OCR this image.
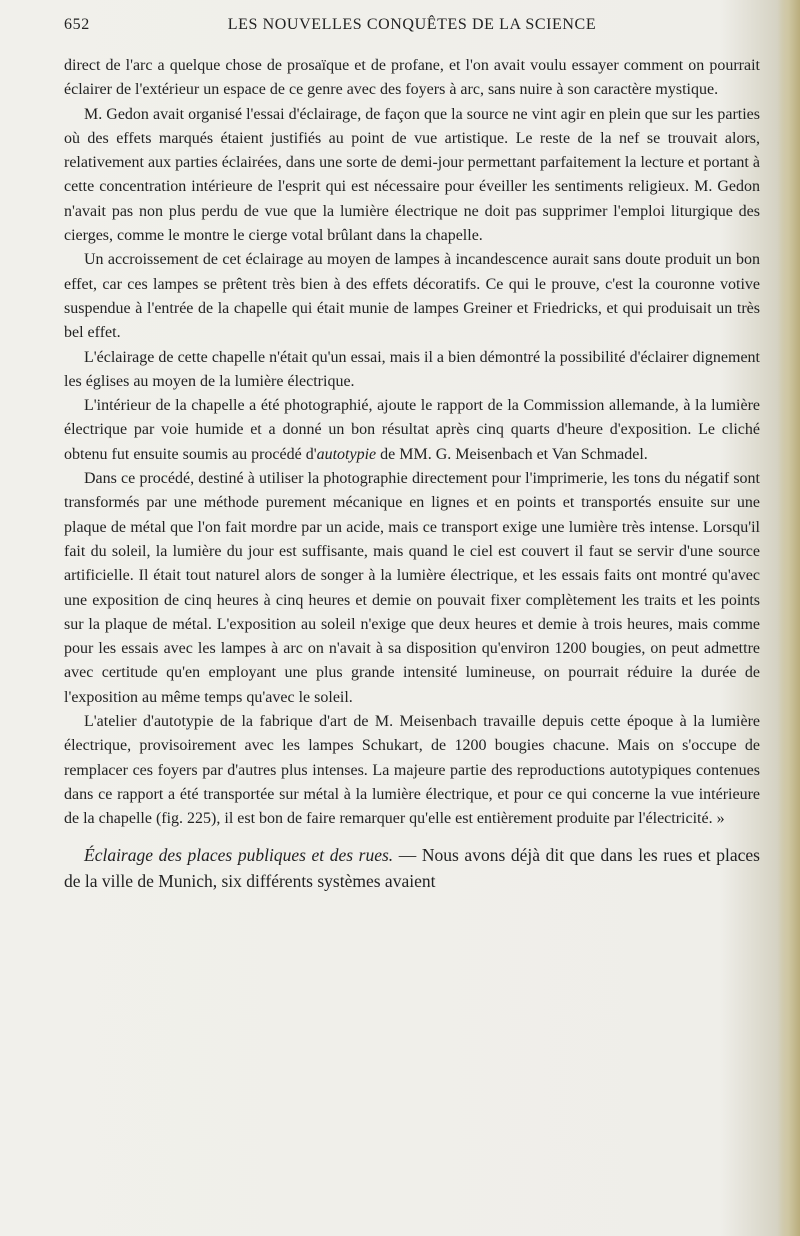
652	LES NOUVELLES CONQUÊTES DE LA SCIENCE

direct de l'arc a quelque chose de prosaïque et de profane, et l'on avait voulu essayer comment on pourrait éclairer de l'extérieur un espace de ce genre avec des foyers à arc, sans nuire à son caractère mystique.

M. Gedon avait organisé l'essai d'éclairage, de façon que la source ne vint agir en plein que sur les parties où des effets marqués étaient justifiés au point de vue artistique. Le reste de la nef se trouvait alors, relativement aux parties éclairées, dans une sorte de demi-jour permettant parfaitement la lecture et portant à cette concentration intérieure de l'esprit qui est nécessaire pour éveiller les sentiments religieux. M. Gedon n'avait pas non plus perdu de vue que la lumière électrique ne doit pas supprimer l'emploi liturgique des cierges, comme le montre le cierge votal brûlant dans la chapelle.

Un accroissement de cet éclairage au moyen de lampes à incandescence aurait sans doute produit un bon effet, car ces lampes se prêtent très bien à des effets décoratifs. Ce qui le prouve, c'est la couronne votive suspendue à l'entrée de la chapelle qui était munie de lampes Greiner et Friedricks, et qui produisait un très bel effet.

L'éclairage de cette chapelle n'était qu'un essai, mais il a bien démontré la possibilité d'éclairer dignement les églises au moyen de la lumière électrique.

L'intérieur de la chapelle a été photographié, ajoute le rapport de la Commission allemande, à la lumière électrique par voie humide et a donné un bon résultat après cinq quarts d'heure d'exposition. Le cliché obtenu fut ensuite soumis au procédé d'autotypie de MM. G. Meisenbach et Van Schmadel.

Dans ce procédé, destiné à utiliser la photographie directement pour l'imprimerie, les tons du négatif sont transformés par une méthode purement mécanique en lignes et en points et transportés ensuite sur une plaque de métal que l'on fait mordre par un acide, mais ce transport exige une lumière très intense. Lorsqu'il fait du soleil, la lumière du jour est suffisante, mais quand le ciel est couvert il faut se servir d'une source artificielle. Il était tout naturel alors de songer à la lumière électrique, et les essais faits ont montré qu'avec une exposition de cinq heures à cinq heures et demie on pouvait fixer complètement les traits et les points sur la plaque de métal. L'exposition au soleil n'exige que deux heures et demie à trois heures, mais comme pour les essais avec les lampes à arc on n'avait à sa disposition qu'environ 1200 bougies, on peut admettre avec certitude qu'en employant une plus grande intensité lumineuse, on pourrait réduire la durée de l'exposition au même temps qu'avec le soleil.

L'atelier d'autotypie de la fabrique d'art de M. Meisenbach travaille depuis cette époque à la lumière électrique, provisoirement avec les lampes Schukart, de 1200 bougies chacune. Mais on s'occupe de remplacer ces foyers par d'autres plus intenses. La majeure partie des reproductions autotypiques contenues dans ce rapport a été transportée sur métal à la lumière électrique, et pour ce qui concerne la vue intérieure de la chapelle (fig. 225), il est bon de faire remarquer qu'elle est entièrement produite par l'électricité. »

Éclairage des places publiques et des rues. — Nous avons déjà dit que dans les rues et places de la ville de Munich, six différents systèmes avaient
